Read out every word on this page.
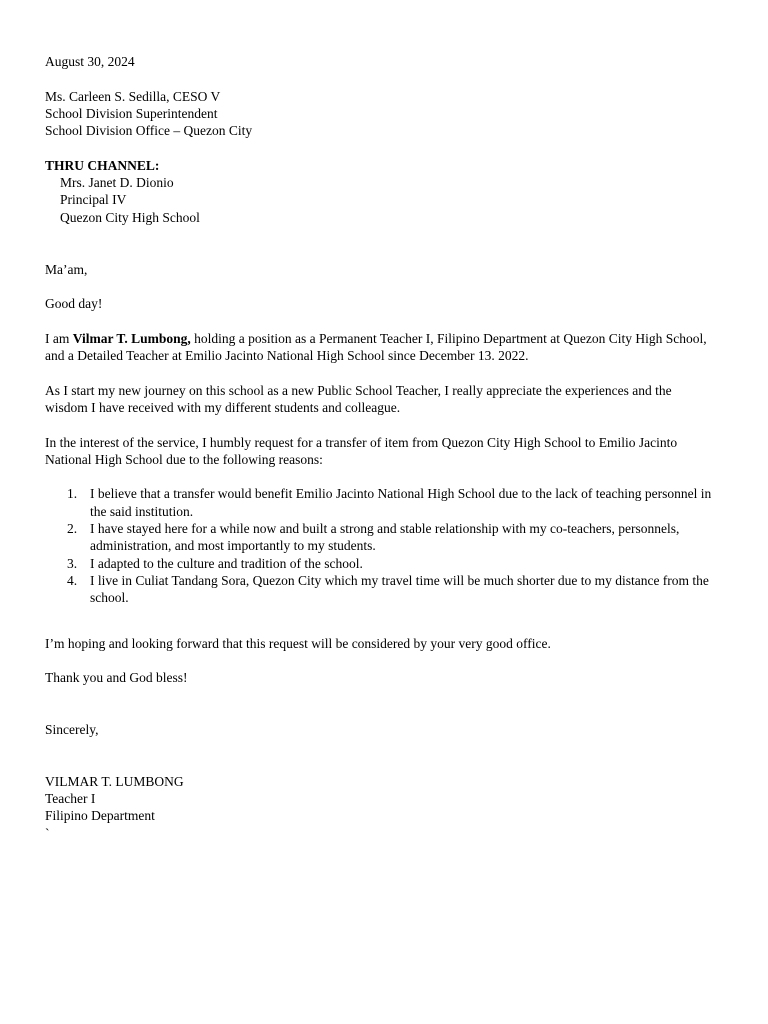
August 30, 2024

Ms. Carleen S. Sedilla, CESO V

School Division Superintendent

School Division Office – Quezon City

THRU CHANNEL:

Mrs. Janet D. Dionio

Principal IV

Quezon City High School

Ma’am,

Good day!

I am Vilmar T. Lumbong, holding a position as a Permanent Teacher I, Filipino Department at Quezon City High School, and a Detailed Teacher at Emilio Jacinto National High School since December 13. 2022.

As I start my new journey on this school as a new Public School Teacher, I really appreciate the experiences and the wisdom I have received with my different students and colleague.

In the interest of the service, I humbly request for a transfer of item from Quezon City High School to Emilio Jacinto National High School due to the following reasons:

1. I believe that a transfer would benefit Emilio Jacinto National High School due to the lack of teaching personnel in the said institution.
2. I have stayed here for a while now and built a strong and stable relationship with my co-teachers, personnels, administration, and most importantly to my students.
3. I adapted to the culture and tradition of the school.
4. I live in Culiat Tandang Sora, Quezon City which my travel time will be much shorter due to my distance from the school.

I’m hoping and looking forward that this request will be considered by your very good office.

Thank you and God bless!

Sincerely,

VILMAR T. LUMBONG

Teacher I

Filipino Department

`
